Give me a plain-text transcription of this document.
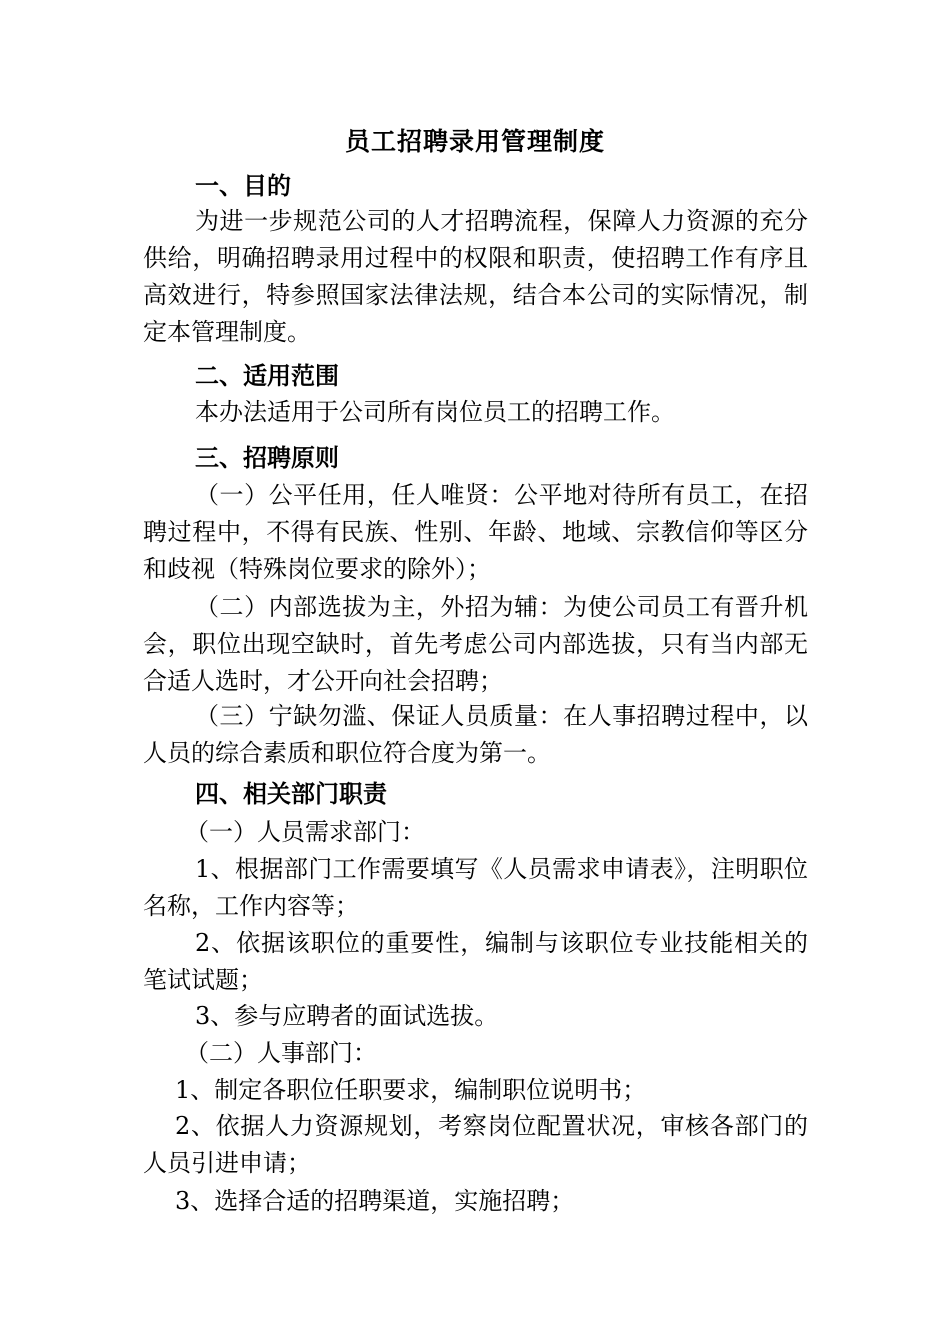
员工招聘录用管理制度

一、目的

为进一步规范公司的人才招聘流程，保障人力资源的充分供给，明确招聘录用过程中的权限和职责，使招聘工作有序且高效进行，特参照国家法律法规，结合本公司的实际情况，制定本管理制度。

二、适用范围

本办法适用于公司所有岗位员工的招聘工作。

三、招聘原则

（一）公平任用，任人唯贤：公平地对待所有员工，在招聘过程中，不得有民族、性别、年龄、地域、宗教信仰等区分和歧视（特殊岗位要求的除外）；

（二）内部选拔为主，外招为辅：为使公司员工有晋升机会，职位出现空缺时，首先考虑公司内部选拔，只有当内部无合适人选时，才公开向社会招聘；

（三）宁缺勿滥、保证人员质量：在人事招聘过程中，以人员的综合素质和职位符合度为第一。

四、相关部门职责

（一）人员需求部门：

1、根据部门工作需要填写《人员需求申请表》，注明职位名称，工作内容等；

2、依据该职位的重要性，编制与该职位专业技能相关的笔试试题；

3、参与应聘者的面试选拔。

（二）人事部门：

1、制定各职位任职要求，编制职位说明书；

2、依据人力资源规划，考察岗位配置状况，审核各部门的人员引进申请；

3、选择合适的招聘渠道，实施招聘；
